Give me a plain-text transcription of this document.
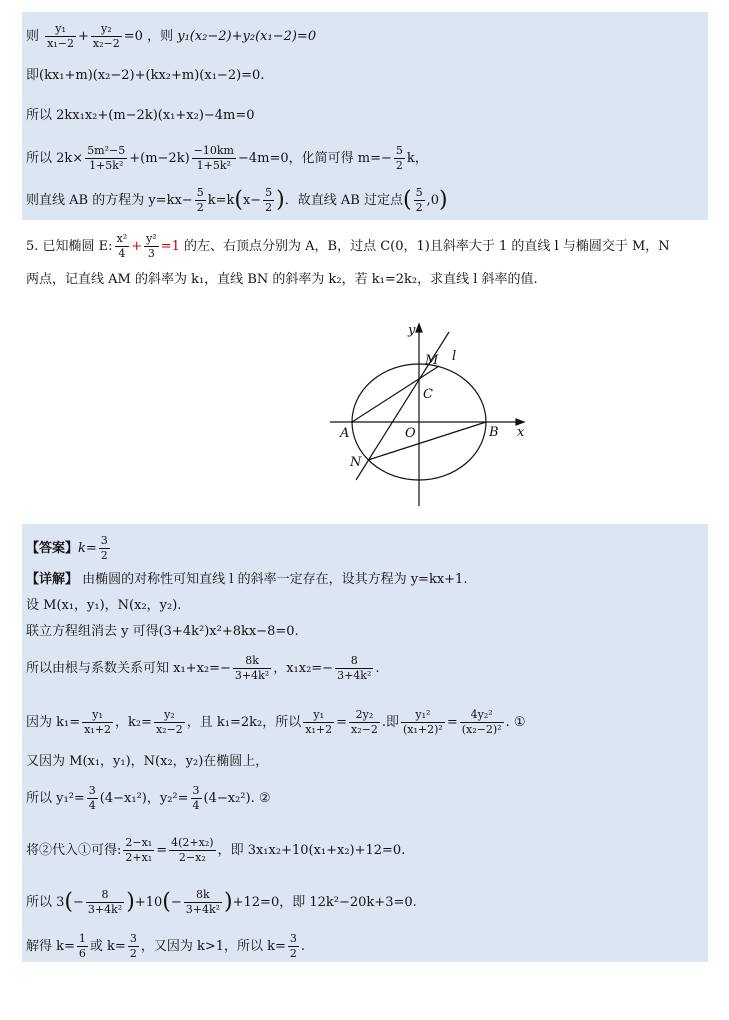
则 $\frac{\text{y₁}}{\text{x₁−2}} + \frac{\text{y₂}}{\text{x₂−2}} =0$ ，则 y₁(x₂−2)+y₂(x₁−2)=0
即(kx₁+m)(x₂−2)+(kx₂+m)(x₁−2)=0.
所以 2kx₁x₂+(m−2k)(x₁+x₂)−4m=0
所以 $2k\times \frac{\text{5m²−5}}{\text{1+5k²}} +(m-2k) \frac{-10km}{\text{1+5k²}} -4m=0$，化简可得 $m=- \frac{5}{2}$ k，
则直线 AB 的方程为 $y=kx- \frac{5}{2} k=k(x- \frac{5}{2}$ )．故直线 AB 过定点( $\frac{5}{2} ,0$)
5. 已知椭圆 E: $\frac{\text{x²}}{4} + \frac{\text{y²}}{3} =1$ 的左、右顶点分别为 A，B，过点 C(0，1)且斜率大于 1 的直线 l 与椭圆交于 M，N
两点，记直线 AM 的斜率为 k₁，直线 BN 的斜率为 k₂，若 k₁=2k₂，求直线 l 斜率的值.
y
M l
C
A	O	B x
N
【答案】$k= \frac{3}{2}$
【详解】 由椭圆的对称性可知直线 l 的斜率一定存在，设其方程为 y=kx+1.
设 M(x₁，y₁)，N(x₂，y₂).
联立方程组消去 y 可得(3+4k²)x²+8kx−8=0.
所以由根与系数关系可知 $x_1+x_2=- \frac{8k}{\text{3+4k²}}$ ，$x_1x_2=- \frac{8}{\text{3+4k²}}$ .
因为 $k_1= \frac{\text{y₁}}{\text{x₁+2}}$ ，$k_2= \frac{\text{y₂}}{\text{x₂−2}}$ ，且 k₁=2k₂，所以 $\frac{\text{y₁}}{\text{x₁+2}} = \frac{\text{2y₂}}{\text{x₂−2}}$ .即 $\frac{\text{y₁²}}{\text{(x₁+2)²}} = \frac{\text{4y₂²}}{\text{(x₂−2)²}}$ . ①
又因为 M(x₁，y₁)，N(x₂，y₂)在椭圆上，
所以 $y_1^2= \frac{3}{4} (4-x_1^2)$，$y_2^2= \frac{3}{4} (4-x_2^2)$. ②
将②代入①可得: $\frac{\text{2−x₁}}{\text{2+x₁}} = \frac{\text{4(2+x₂)}}{\text{2−x₂}}$ ，即 3x₁x₂+10(x₁+x₂)+12=0.
所以 $3(- \frac{8}{\text{3+4k²}} )+10(- \frac{8k}{\text{3+4k²}} )+12=0$，即 12k²−20k+3=0.
解得 $k= \frac{1}{6}$ 或 $k= \frac{3}{2}$ ，又因为 k>1，所以 $k= \frac{3}{2}$ .
